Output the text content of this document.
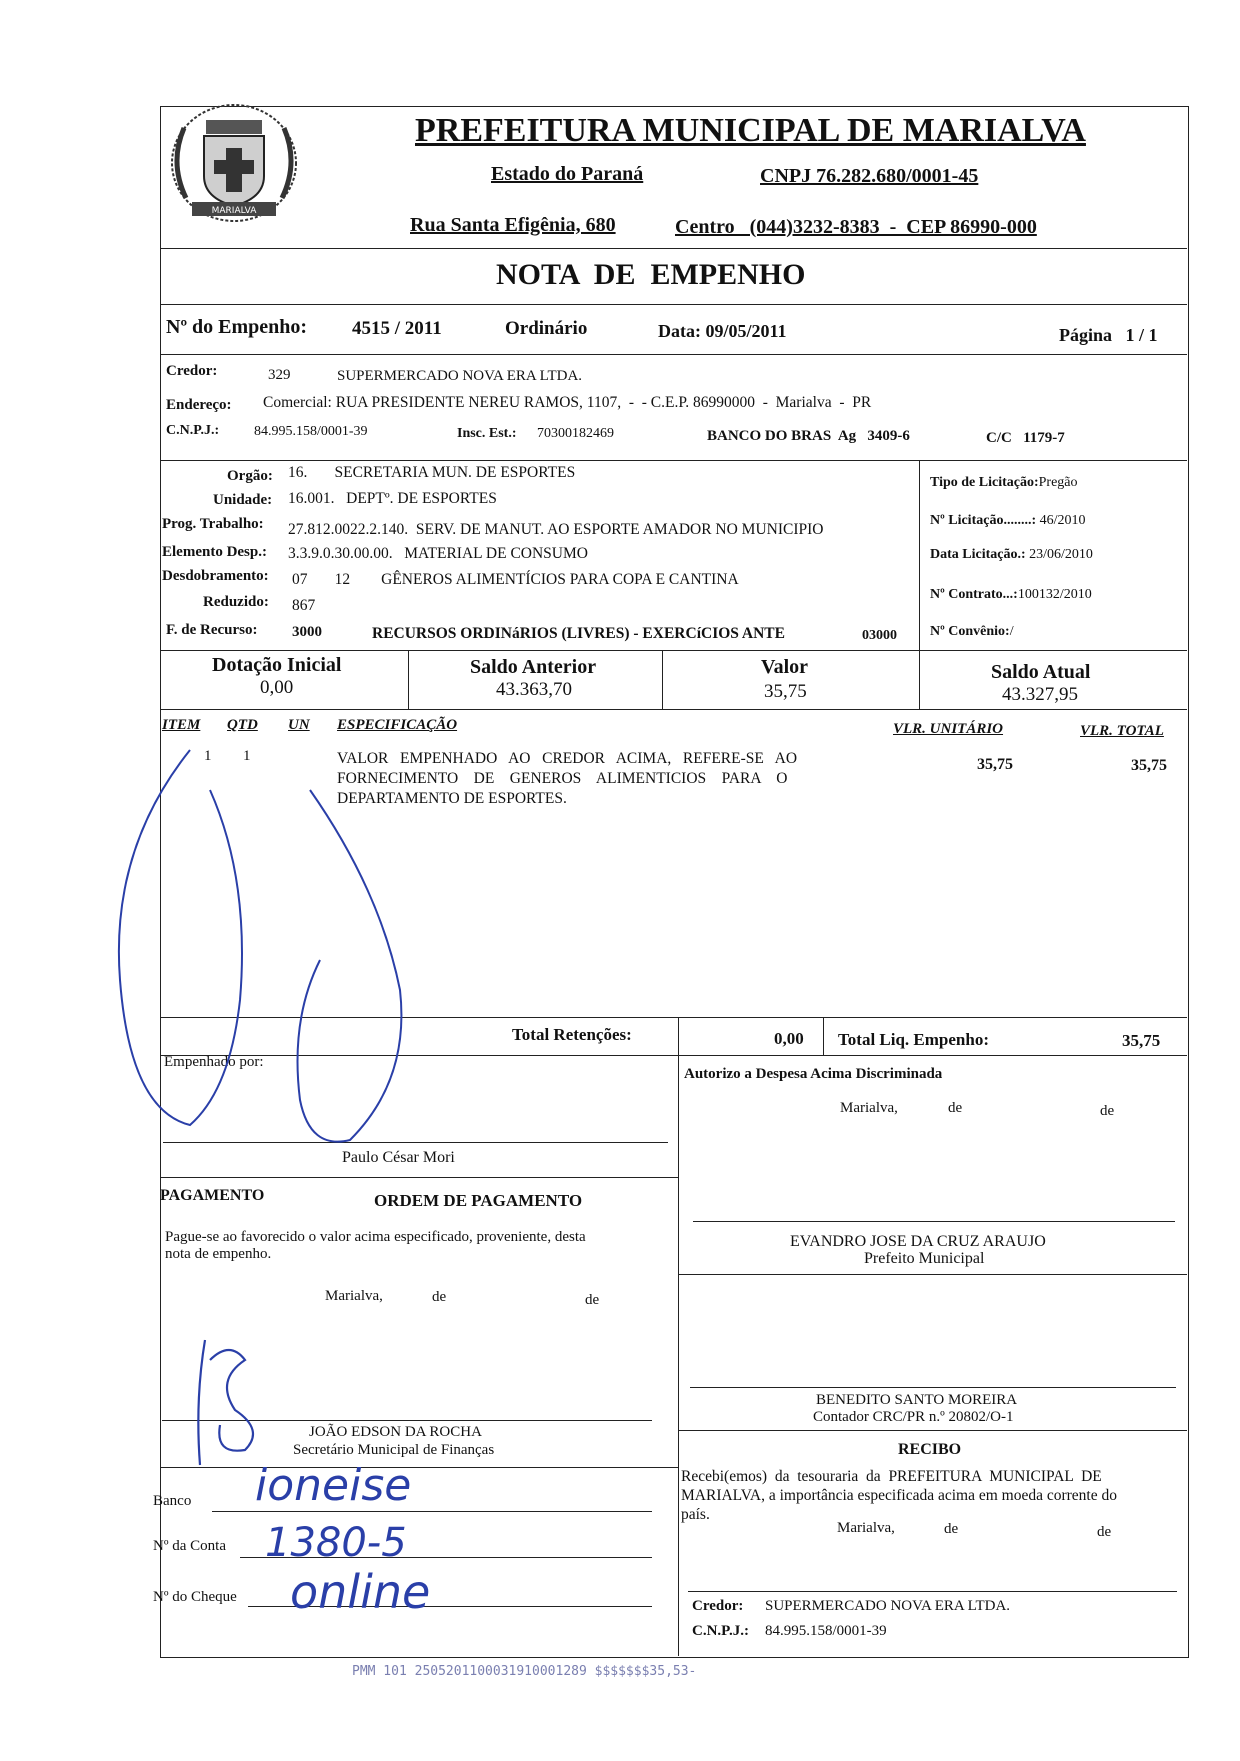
MARIALVA
PREFEITURA MUNICIPAL DE MARIALVA
Estado do Paraná	CNPJ 76.282.680/0001-45
Rua Santa Efigênia, 680	Centro   (044)3232-8383  -  CEP 86990-000
NOTA  DE  EMPENHO
Nº do Empenho: 4515 / 2011	Ordinário	Data: 09/05/2011	Página   1 / 1
Credor:	329	SUPERMERCADO NOVA ERA LTDA.
Endereço: Comercial: RUA PRESIDENTE NEREU RAMOS, 1107,  -  - C.E.P. 86990000  -  Marialva  -  PR
C.N.P.J.: 84.995.158/0001-39	Insc. Est.: 70300182469	BANCO DO BRAS  Ag   3409-6	C/C   1179-7
Orgão: 16.       SECRETARIA MUN. DE ESPORTES
Unidade: 16.001.   DEPTº. DE ESPORTES
Prog. Trabalho: 27.812.0022.2.140.  SERV. DE MANUT. AO ESPORTE AMADOR NO MUNICIPIO
Elemento Desp.: 3.3.9.0.30.00.00.   MATERIAL DE CONSUMO
Desdobramento: 07       12        GÊNEROS ALIMENTÍCIOS PARA COPA E CANTINA
Reduzido: 867
F. de Recurso: 3000	RECURSOS ORDINáRIOS (LIVRES) - EXERCíCIOS ANTE	03000
Tipo de Licitação:Pregão
Nº Licitação........: 46/2010
Data Licitação.: 23/06/2010
Nº Contrato...:100132/2010
Nº Convênio:/
Dotação Inicial
0,00
Saldo Anterior
43.363,70
Valor
35,75
Saldo Atual
43.327,95
ITEM QTD UN ESPECIFICAÇÃO	VLR. UNITÁRIO	VLR. TOTAL
1 1	VALOR   EMPENHADO   AO   CREDOR   ACIMA,   REFERE-SE   AO
FORNECIMENTO    DE    GENEROS    ALIMENTICIOS    PARA    O
DEPARTAMENTO DE ESPORTES.
35,75	35,75
Total Retenções:	0,00 Total Liq. Empenho:	35,75
Empenhado por:
Paulo César Mori
Autorizo a Despesa Acima Discriminada
Marialva,	de	de
PAGAMENTO	ORDEM DE PAGAMENTO
Pague-se ao favorecido o valor acima especificado, proveniente, desta
nota de empenho.
Marialva,	de	de
EVANDRO JOSE DA CRUZ ARAUJO
Prefeito Municipal
JOÃO EDSON DA ROCHA
Secretário Municipal de Finanças
BENEDITO SANTO MOREIRA
Contador CRC/PR n.º 20802/O-1
RECIBO
Recebi(emos)  da  tesouraria  da  PREFEITURA  MUNICIPAL  DE
MARIALVA, a importância especificada acima em moeda corrente do
país.
Marialva,	de	de
Banco
Nº da Conta
Nº do Cheque
Credor: SUPERMERCADO NOVA ERA LTDA.
C.N.P.J.: 84.995.158/0001-39
ioneise
1380-5
online
PMM 101 2505201100031910001289 $$$$$$$35,53-
